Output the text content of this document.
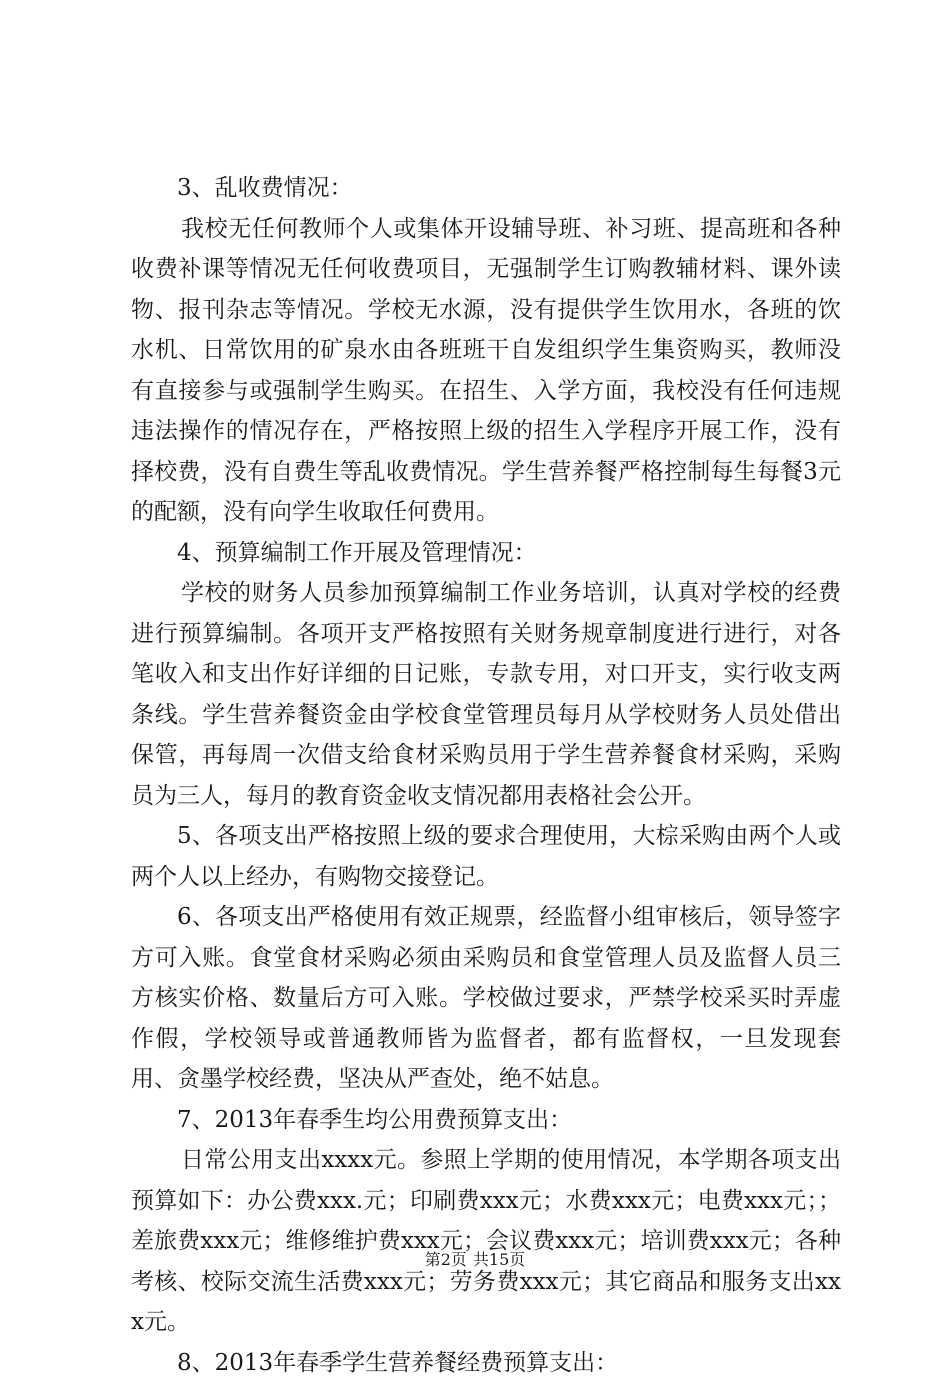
3、乱收费情况：

我校无任何教师个人或集体开设辅导班、补习班、提高班和各种收费补课等情况无任何收费项目，无强制学生订购教辅材料、课外读物、报刊杂志等情况。学校无水源，没有提供学生饮用水，各班的饮水机、日常饮用的矿泉水由各班班干自发组织学生集资购买，教师没有直接参与或强制学生购买。在招生、入学方面，我校没有任何违规违法操作的情况存在，严格按照上级的招生入学程序开展工作，没有择校费，没有自费生等乱收费情况。学生营养餐严格控制每生每餐3元的配额，没有向学生收取任何费用。

4、预算编制工作开展及管理情况：

学校的财务人员参加预算编制工作业务培训，认真对学校的经费进行预算编制。各项开支严格按照有关财务规章制度进行进行，对各笔收入和支出作好详细的日记账，专款专用，对口开支，实行收支两条线。学生营养餐资金由学校食堂管理员每月从学校财务人员处借出保管，再每周一次借支给食材采购员用于学生营养餐食材采购，采购员为三人，每月的教育资金收支情况都用表格社会公开。

5、各项支出严格按照上级的要求合理使用，大棕采购由两个人或两个人以上经办，有购物交接登记。

6、各项支出严格使用有效正规票，经监督小组审核后，领导签字方可入账。食堂食材采购必须由采购员和食堂管理人员及监督人员三方核实价格、数量后方可入账。学校做过要求，严禁学校采买时弄虚作假，学校领导或普通教师皆为监督者，都有监督权，一旦发现套用、贪墨学校经费，坚决从严查处，绝不姑息。

7、2013年春季生均公用费预算支出：

日常公用支出xxxx元。参照上学期的使用情况，本学期各项支出预算如下：办公费xxx.元；印刷费xxx元；水费xxx元；电费xxx元；；差旅费xxx元；维修维护费xxx元；会议费xxx元；培训费xxx元；各种考核、校际交流生活费xxx元；劳务费xxx元；其它商品和服务支出xxx元。

8、2013年春季学生营养餐经费预算支出：

第2页 共15页
